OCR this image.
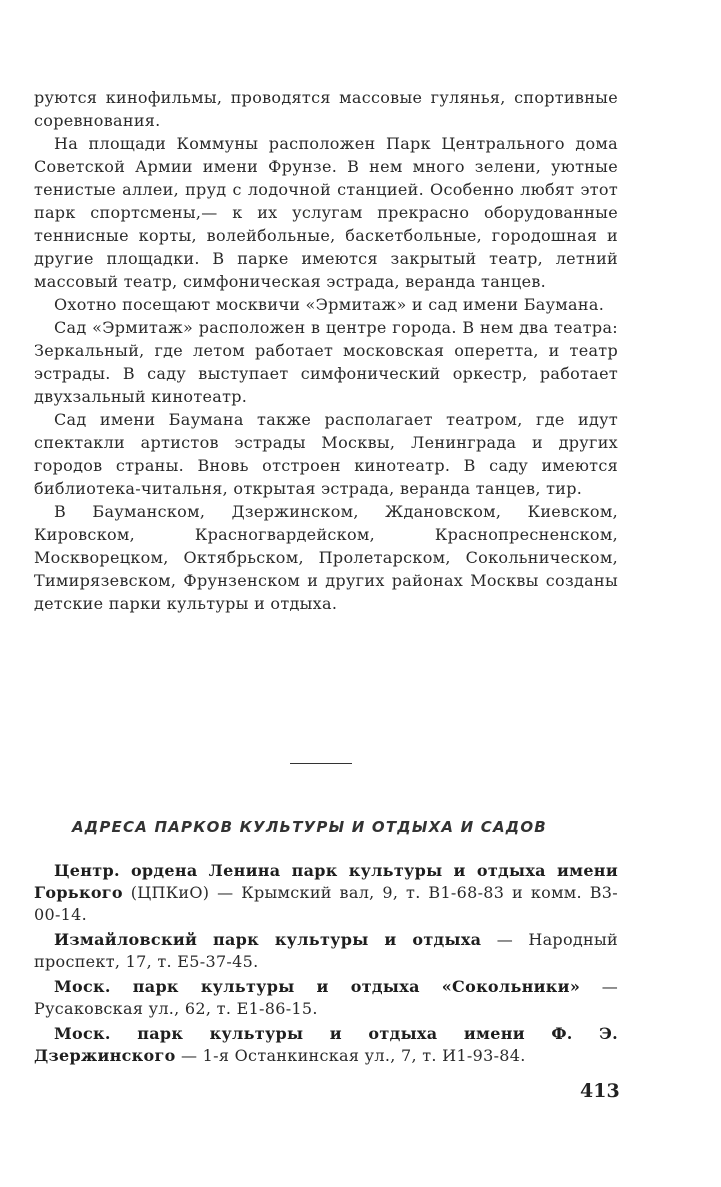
руются кинофильмы, проводятся массовые гулянья, спортивные соревнования.

На площади Коммуны расположен Парк Центрального дома Советской Армии имени Фрунзе. В нем много зелени, уютные тенистые аллеи, пруд с лодочной станцией. Особенно любят этот парк спортсмены,— к их услугам прекрасно оборудованные теннисные корты, волейбольные, баскетбольные, городошная и другие площадки. В парке имеются закрытый театр, летний массовый театр, симфоническая эстрада, веранда танцев.

Охотно посещают москвичи «Эрмитаж» и сад имени Баумана.

Сад «Эрмитаж» расположен в центре города. В нем два театра: Зеркальный, где летом работает московская оперетта, и театр эстрады. В саду выступает симфонический оркестр, работает двухзальный кинотеатр.

Сад имени Баумана также располагает театром, где идут спектакли артистов эстрады Москвы, Ленинграда и других городов страны. Вновь отстроен кинотеатр. В саду имеются библиотека-читальня, открытая эстрада, веранда танцев, тир.

В Бауманском, Дзержинском, Ждановском, Киевском, Кировском, Красногвардейском, Краснопресненском, Москворецком, Октябрьском, Пролетарском, Сокольническом, Тимирязевском, Фрунзенском и других районах Москвы созданы детские парки культуры и отдыха.

АДРЕСА ПАРКОВ КУЛЬТУРЫ И ОТДЫХА И САДОВ

Центр. ордена Ленина парк культуры и отдыха имени Горького (ЦПКиО) — Крымский вал, 9, т. В1-68-83 и комм. В3-00-14.

Измайловский парк культуры и отдыха — Народный проспект, 17, т. Е5-37-45.

Моск. парк культуры и отдыха «Сокольники» — Русаковская ул., 62, т. Е1-86-15.

Моск. парк культуры и отдыха имени Ф. Э. Дзержинского — 1-я Останкинская ул., 7, т. И1-93-84.

413
